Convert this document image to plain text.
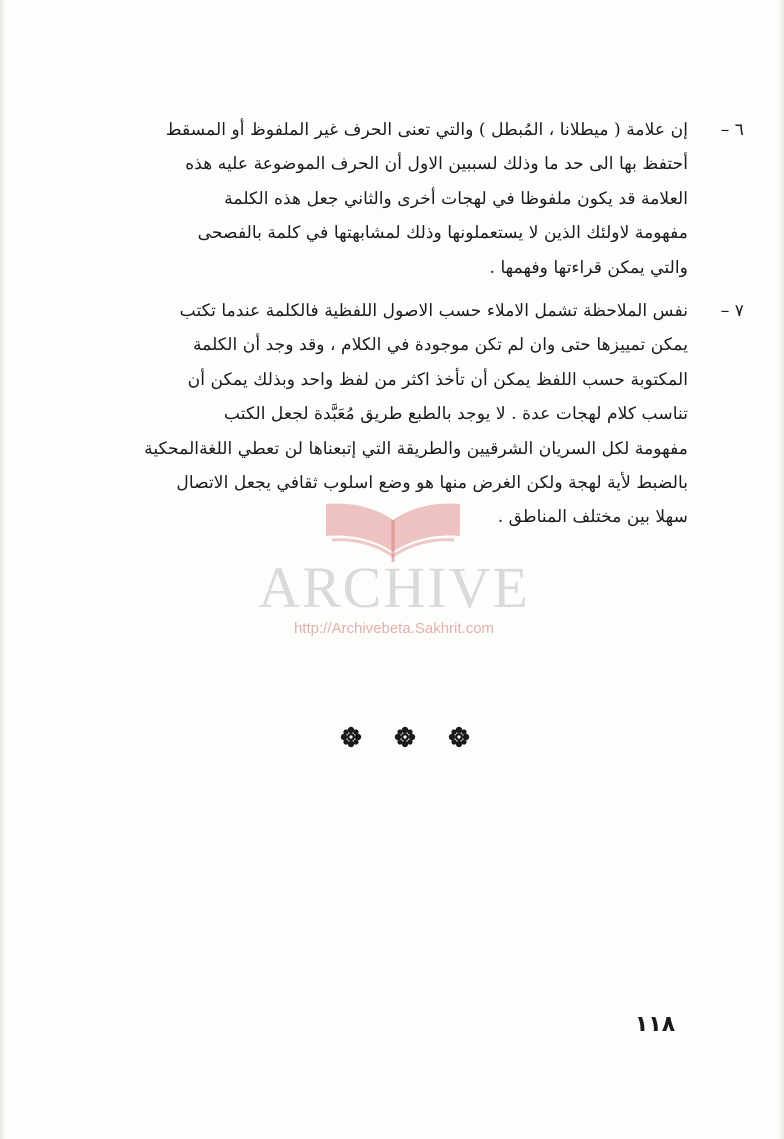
٦ –
إن علامة ( ميطلانا ، المُبطل ) والتي تعنى الحرف غير الملفوظ أو المسقط
أحتفظ بها الى حد ما وذلك لسببين الاول أن الحرف الموضوعة عليه هذه
العلامة قد يكون ملفوظا في لهجات أخرى والثاني جعل هذه الكلمة
مفهومة لاولئك الذين لا يستعملونها وذلك لمشابهتها في كلمة بالفصحى
والتي يمكن قراءتها وفهمها .
٧ –
نفس الملاحظة تشمل الاملاء حسب الاصول اللفظية فالكلمة عندما تكتب
يمكن تمييزها حتى وان لم تكن موجودة في الكلام ، وقد وجد أن الكلمة
المكتوبة حسب اللفظ يمكن أن تأخذ اكثر من لفظ واحد وبذلك يمكن أن
تناسب كلام لهجات عدة . لا يوجد بالطبع طريق مُعَبَّدة لجعل الكتب
مفهومة لكل السريان الشرقيين والطريقة التي إتبعناها لن تعطي اللغةالمحكية
بالضبط لأية لهجة ولكن الغرض منها هو وضع اسلوب ثقافي يجعل الاتصال
سهلا بين مختلف المناطق .
ARCHIVE
http://Archivebeta.Sakhrit.com
١١٨
